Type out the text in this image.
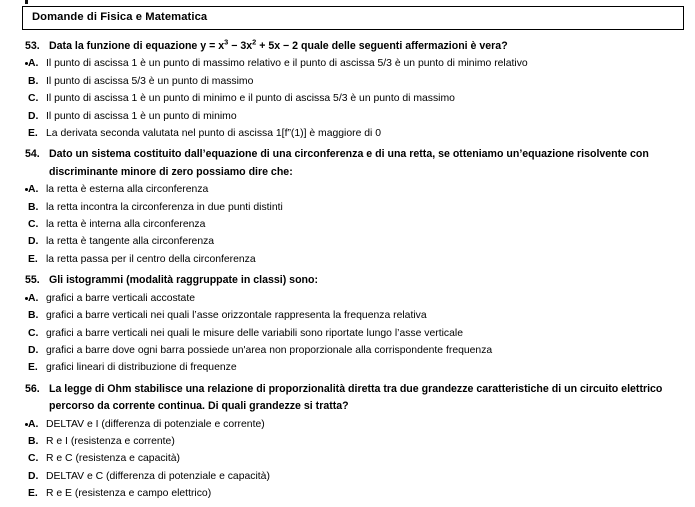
Domande di Fisica e Matematica
53. Data la funzione di equazione $y = x^3 - 3x^2 + 5x - 2$ quale delle seguenti affermazioni è vera?
A. Il punto di ascissa 1 è un punto di massimo relativo e il punto di ascissa 5/3 è un punto di minimo relativo
B. Il punto di ascissa 5/3 è un punto di massimo
C. Il punto di ascissa 1 è un punto di minimo e il punto di ascissa 5/3 è un punto di massimo
D. Il punto di ascissa 1 è un punto di minimo
E. La derivata seconda valutata nel punto di ascissa 1[f”(1)] è maggiore di 0
54. Dato un sistema costituito dall’equazione di una circonferenza e di una retta, se otteniamo un’equazione risolvente con discriminante minore di zero possiamo dire che:
A. la retta è esterna alla circonferenza
B. la retta incontra la circonferenza in due punti distinti
C. la retta è interna alla circonferenza
D. la retta è tangente alla circonferenza
E. la retta passa per il centro della circonferenza
55. Gli istogrammi (modalità raggruppate in classi) sono:
A. grafici a barre verticali accostate
B. grafici a barre verticali nei quali l’asse orizzontale rappresenta la frequenza relativa
C. grafici a barre verticali nei quali le misure delle variabili sono riportate lungo l’asse verticale
D. grafici a barre dove ogni barra possiede un'area non proporzionale alla corrispondente frequenza
E. grafici lineari di distribuzione di frequenze
56. La legge di Ohm stabilisce una relazione di proporzionalità diretta tra due grandezze caratteristiche di un circuito elettrico percorso da corrente continua. Di quali grandezze si tratta?
A. DELTAV e I (differenza di potenziale e corrente)
B. R e I (resistenza e corrente)
C. R e C (resistenza e capacità)
D. DELTAV e C (differenza di potenziale e capacità)
E. R e E (resistenza e campo elettrico)
